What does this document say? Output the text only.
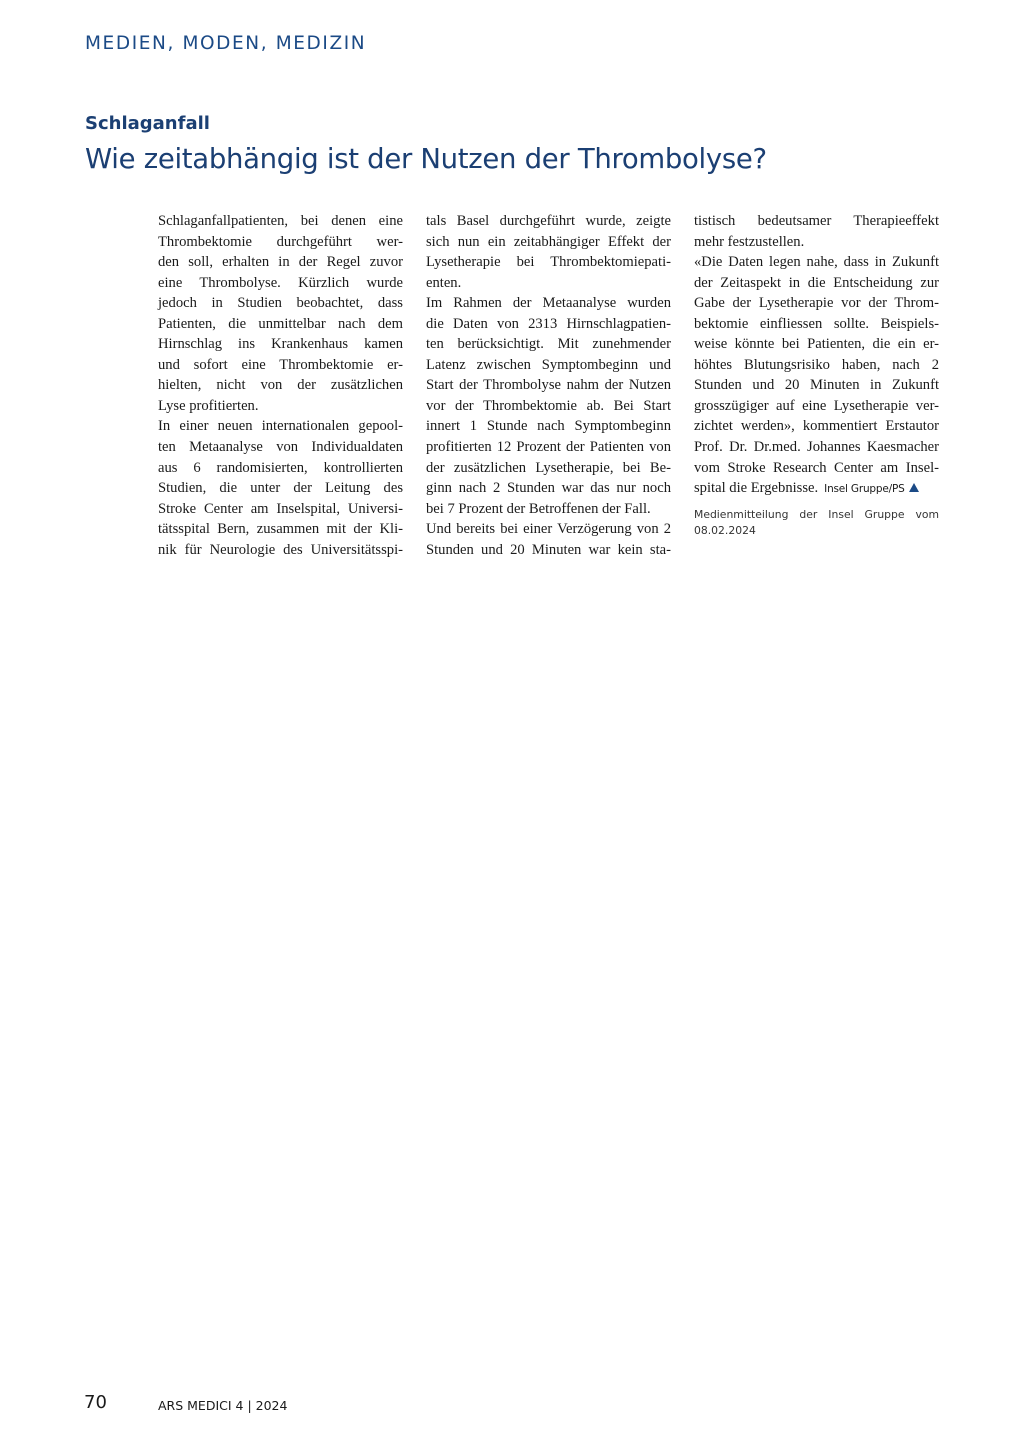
MEDIEN, MODEN, MEDIZIN
Schlaganfall
Wie zeitabhängig ist der Nutzen der Thrombolyse?
Schlaganfallpatienten, bei denen eine
Thrombektomie durchgeführt wer-
den soll, erhalten in der Regel zuvor
eine Thrombolyse. Kürzlich wurde
jedoch in Studien beobachtet, dass
Patienten, die unmittelbar nach dem
Hirnschlag ins Krankenhaus kamen
und sofort eine Thrombektomie er-
hielten, nicht von der zusätzlichen
Lyse profitierten.
In einer neuen internationalen gepool-
ten Metaanalyse von Individualdaten
aus 6 randomisierten, kontrollierten
Studien, die unter der Leitung des
Stroke Center am Inselspital, Universi-
tätsspital Bern, zusammen mit der Kli-
nik für Neurologie des Universitätsspi-
tals Basel durchgeführt wurde, zeigte
sich nun ein zeitabhängiger Effekt der
Lysetherapie bei Thrombektomiepati-
enten.
Im Rahmen der Metaanalyse wurden
die Daten von 2313 Hirnschlagpatien-
ten berücksichtigt. Mit zunehmender
Latenz zwischen Symptombeginn und
Start der Thrombolyse nahm der Nutzen
vor der Thrombektomie ab. Bei Start
innert 1 Stunde nach Symptombeginn
profitierten 12 Prozent der Patienten von
der zusätzlichen Lysetherapie, bei Be-
ginn nach 2 Stunden war das nur noch
bei 7 Prozent der Betroffenen der Fall.
Und bereits bei einer Verzögerung von 2
Stunden und 20 Minuten war kein sta-
tistisch bedeutsamer Therapieeffekt
mehr festzustellen.
«Die Daten legen nahe, dass in Zukunft
der Zeitaspekt in die Entscheidung zur
Gabe der Lysetherapie vor der Throm-
bektomie einfliessen sollte. Beispiels-
weise könnte bei Patienten, die ein er-
höhtes Blutungsrisiko haben, nach 2
Stunden und 20 Minuten in Zukunft
grosszügiger auf eine Lysetherapie ver-
zichtet werden», kommentiert Erstautor
Prof. Dr. Dr.med. Johannes Kaesmacher
vom Stroke Research Center am Insel-
spital die Ergebnisse. Insel Gruppe/PS
Medienmitteilung der Insel Gruppe vom
08.02.2024
70	ARS MEDICI 4 | 2024
